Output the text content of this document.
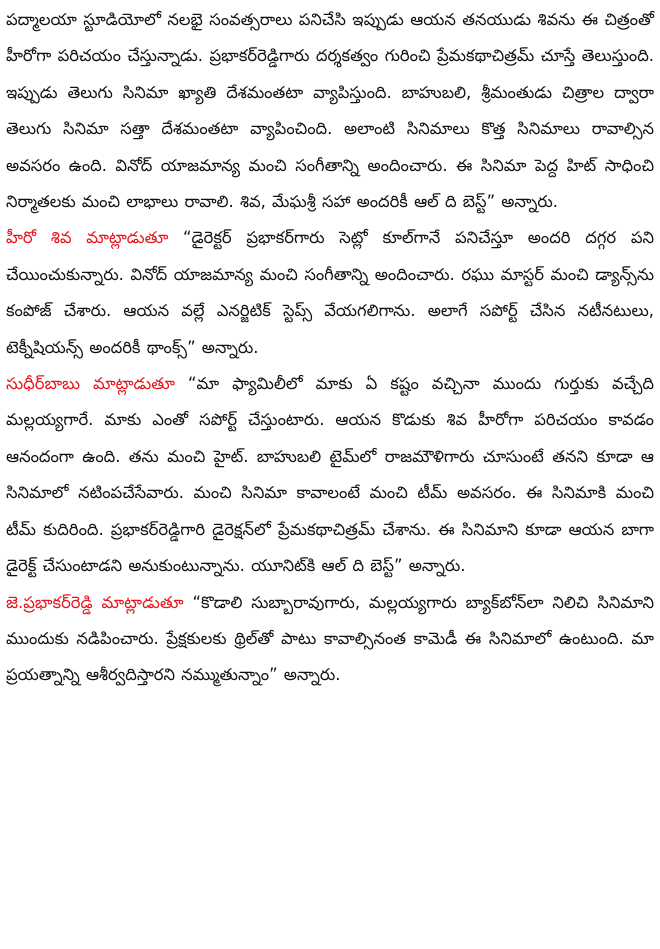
పద్మాలయా స్టూడియోలో నలభై సంవత్సరాలు పనిచేసి ఇప్పుడు ఆయన తనయుడు శివను ఈ చిత్రంతో హీరోగా పరిచయం చేస్తున్నాడు. ప్రభాకర్‌రెడ్డిగారు దర్శకత్వం గురించి ప్రేమకథాచిత్రమ్ చూస్తే తెలుస్తుంది. ఇప్పుడు తెలుగు సినిమా ఖ్యాతి దేశమంతటా వ్యాపిస్తుంది. బాహుబలి, శ్రీమంతుడు చిత్రాల ద్వారా తెలుగు సినిమా సత్తా దేశమంతటా వ్యాపించింది. అలాంటి సినిమాలు కొత్త సినిమాలు రావాల్సిన అవసరం ఉంది. వినోద్ యాజమాన్య మంచి సంగీతాన్ని అందించారు. ఈ సినిమా పెద్ద హిట్ సాధించి నిర్మాతలకు మంచి లాభాలు రావాలి. శివ, మేఘశ్రీ సహా అందరికీ ఆల్ ది బెస్ట్” అన్నారు.

హీరో శివ మాట్లాడుతూ “డైరెక్టర్ ప్రభాకర్‌గారు సెట్లో కూల్‌గానే పనిచేస్తూ అందరి దగ్గర పని చేయించుకున్నారు. వినోద్ యాజమాన్య మంచి సంగీతాన్ని అందించారు. రఘు మాస్టర్ మంచి డ్యాన్స్‌ను కంపోజ్ చేశారు. ఆయన వల్లే ఎనర్జిటిక్ స్టెప్స్ వేయగలిగాను. అలాగే సపోర్ట్ చేసిన నటీనటులు, టెక్నీషియన్స్ అందరికీ థాంక్స్” అన్నారు.

సుధీర్‌బాబు మాట్లాడుతూ “మా ఫ్యామిలీలో మాకు ఏ కష్టం వచ్చినా ముందు గుర్తుకు వచ్చేది మల్లయ్యగారే. మాకు ఎంతో సపోర్ట్ చేస్తుంటారు. ఆయన కొడుకు శివ హీరోగా పరిచయం కావడం ఆనందంగా ఉంది. తను మంచి హైట్. బాహుబలి టైమ్‌లో రాజమౌళిగారు చూసుంటే తనని కూడా ఆ సినిమాలో నటింపచేసేవారు. మంచి సినిమా కావాలంటే మంచి టీమ్ అవసరం. ఈ సినిమాకి మంచి టీమ్ కుదిరింది. ప్రభాకర్‌రెడ్డిగారి డైరెక్షన్‌లో ప్రేమకథాచిత్రమ్ చేశాను. ఈ సినిమాని కూడా ఆయన బాగా డైరెక్ట్ చేసుంటాడని అనుకుంటున్నాను. యూనిట్‌కి ఆల్ ది బెస్ట్” అన్నారు.

జె.ప్రభాకర్‌రెడ్డి మాట్లాడుతూ “కొడాలి సుబ్బారావుగారు, మల్లయ్యగారు బ్యాక్‌బోన్‌లా నిలిచి సినిమాని ముందుకు నడిపించారు. ప్రేక్షకులకు థ్రిల్‌తో పాటు కావాల్సినంత కామెడీ ఈ సినిమాలో ఉంటుంది. మా ప్రయత్నాన్ని ఆశీర్వదిస్తారని నమ్ముతున్నాం” అన్నారు.
